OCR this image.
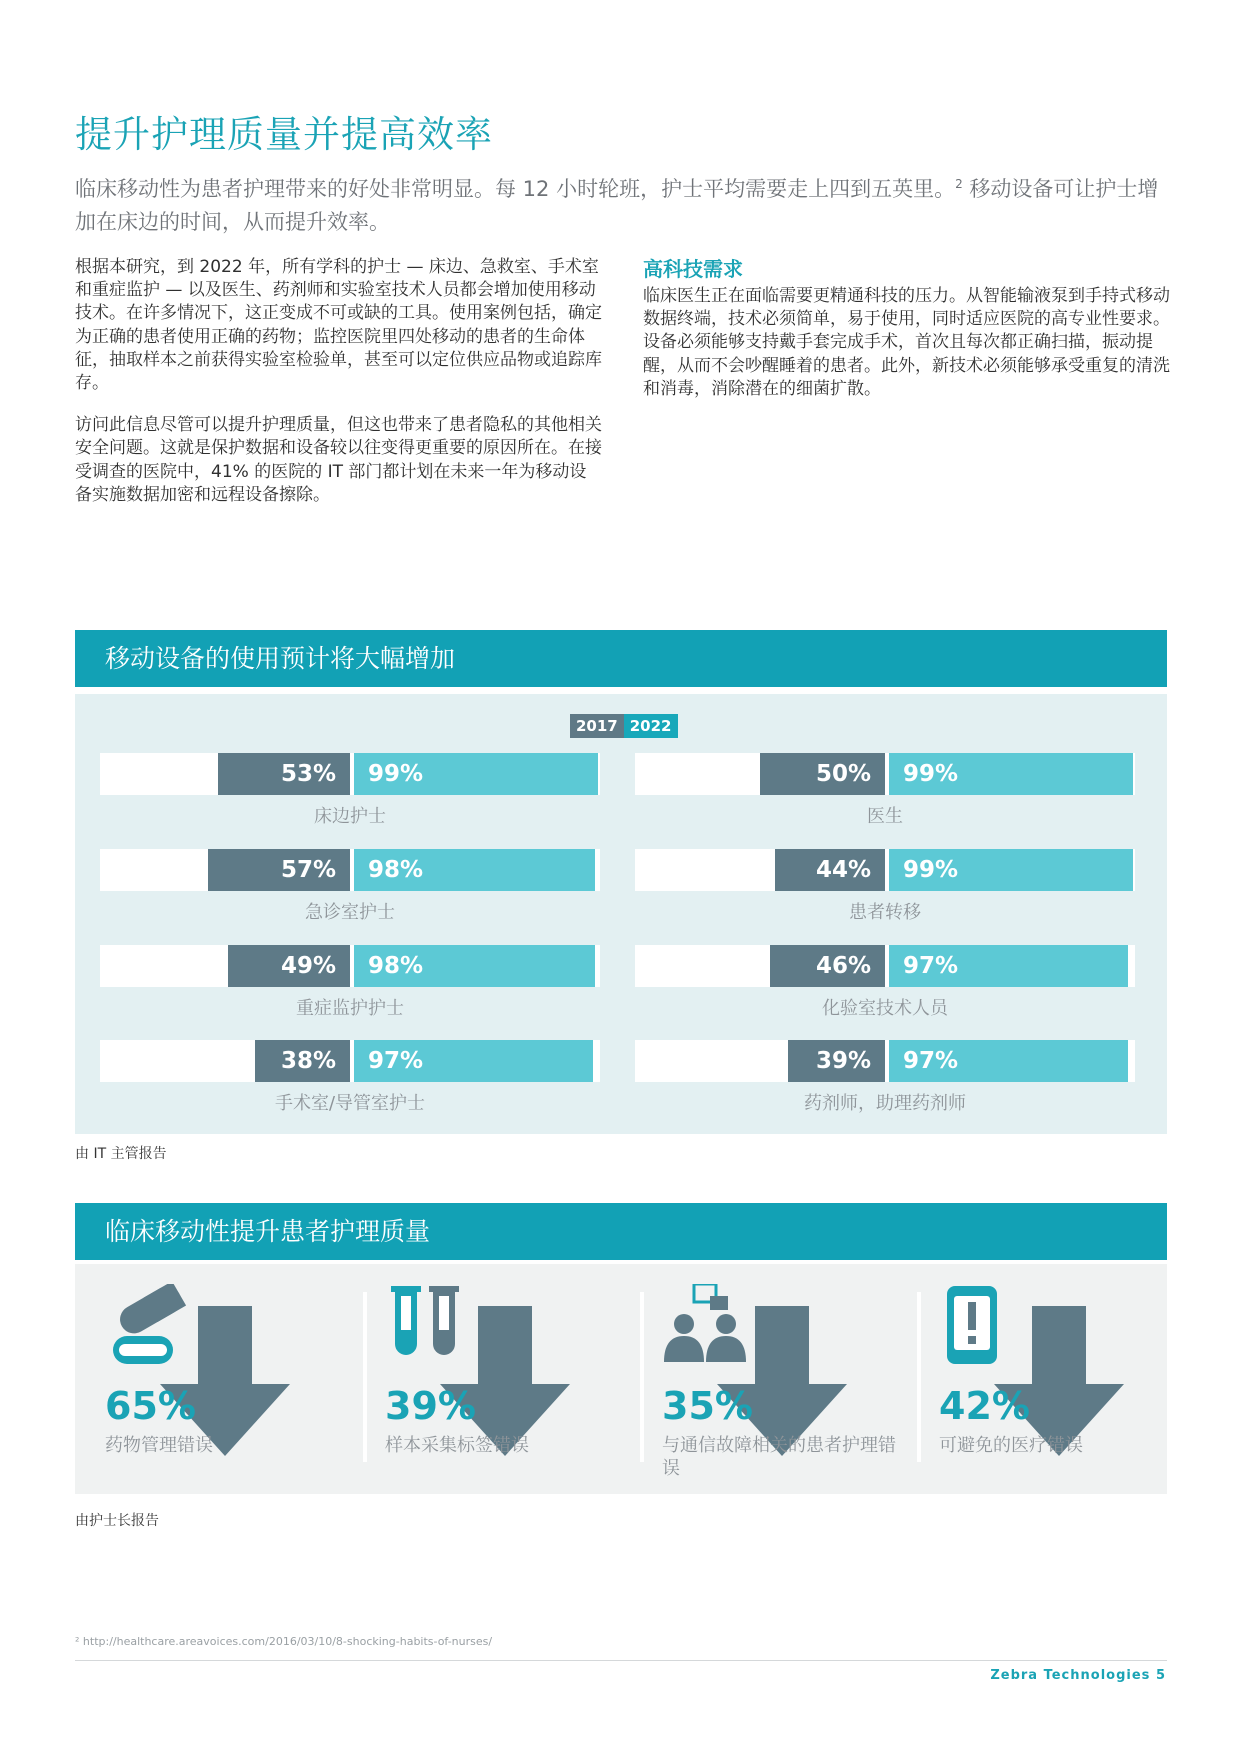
提升护理质量并提高效率
临床移动性为患者护理带来的好处非常明显。每 12 小时轮班，护士平均需要走上四到五英里。$^2$ 移动设备可让护士增加在床边的时间，从而提升效率。

根据本研究，到 2022 年，所有学科的护士 — 床边、急救室、手术室和重症监护 — 以及医生、药剂师和实验室技术人员都会增加使用移动技术。在许多情况下，这正变成不可或缺的工具。使用案例包括，确定为正确的患者使用正确的药物；监控医院里四处移动的患者的生命体征，抽取样本之前获得实验室检验单，甚至可以定位供应品物或追踪库存。

访问此信息尽管可以提升护理质量，但这也带来了患者隐私的其他相关安全问题。这就是保护数据和设备较以往变得更重要的原因所在。在接受调查的医院中，41% 的医院的 IT 部门都计划在未来一年为移动设备实施数据加密和远程设备擦除。

高科技需求

临床医生正在面临需要更精通科技的压力。从智能输液泵到手持式移动数据终端，技术必须简单，易于使用，同时适应医院的高专业性要求。设备必须能够支持戴手套完成手术，首次且每次都正确扫描，振动提醒，从而不会吵醒睡着的患者。此外，新技术必须能够承受重复的清洗和消毒，消除潜在的细菌扩散。

移动设备的使用预计将大幅增加
2017 2022
53%	99%
床边护士
57%	98%
急诊室护士
49%	98%
重症监护护士
38%	97%
手术室/导管室护士
50%	99%
医生
44%	99%
患者转移
46%	97%
化验室技术人员
39%	97%
药剂师，助理药剂师
由 IT 主管报告
临床移动性提升患者护理质量
65%
药物管理错误
39%
样本采集标签错误
35%
与通信故障相关的患者护理错误
42%
可避免的医疗错误
由护士长报告
² http://healthcare.areavoices.com/2016/03/10/8-shocking-habits-of-nurses/
Zebra Technologies 5
